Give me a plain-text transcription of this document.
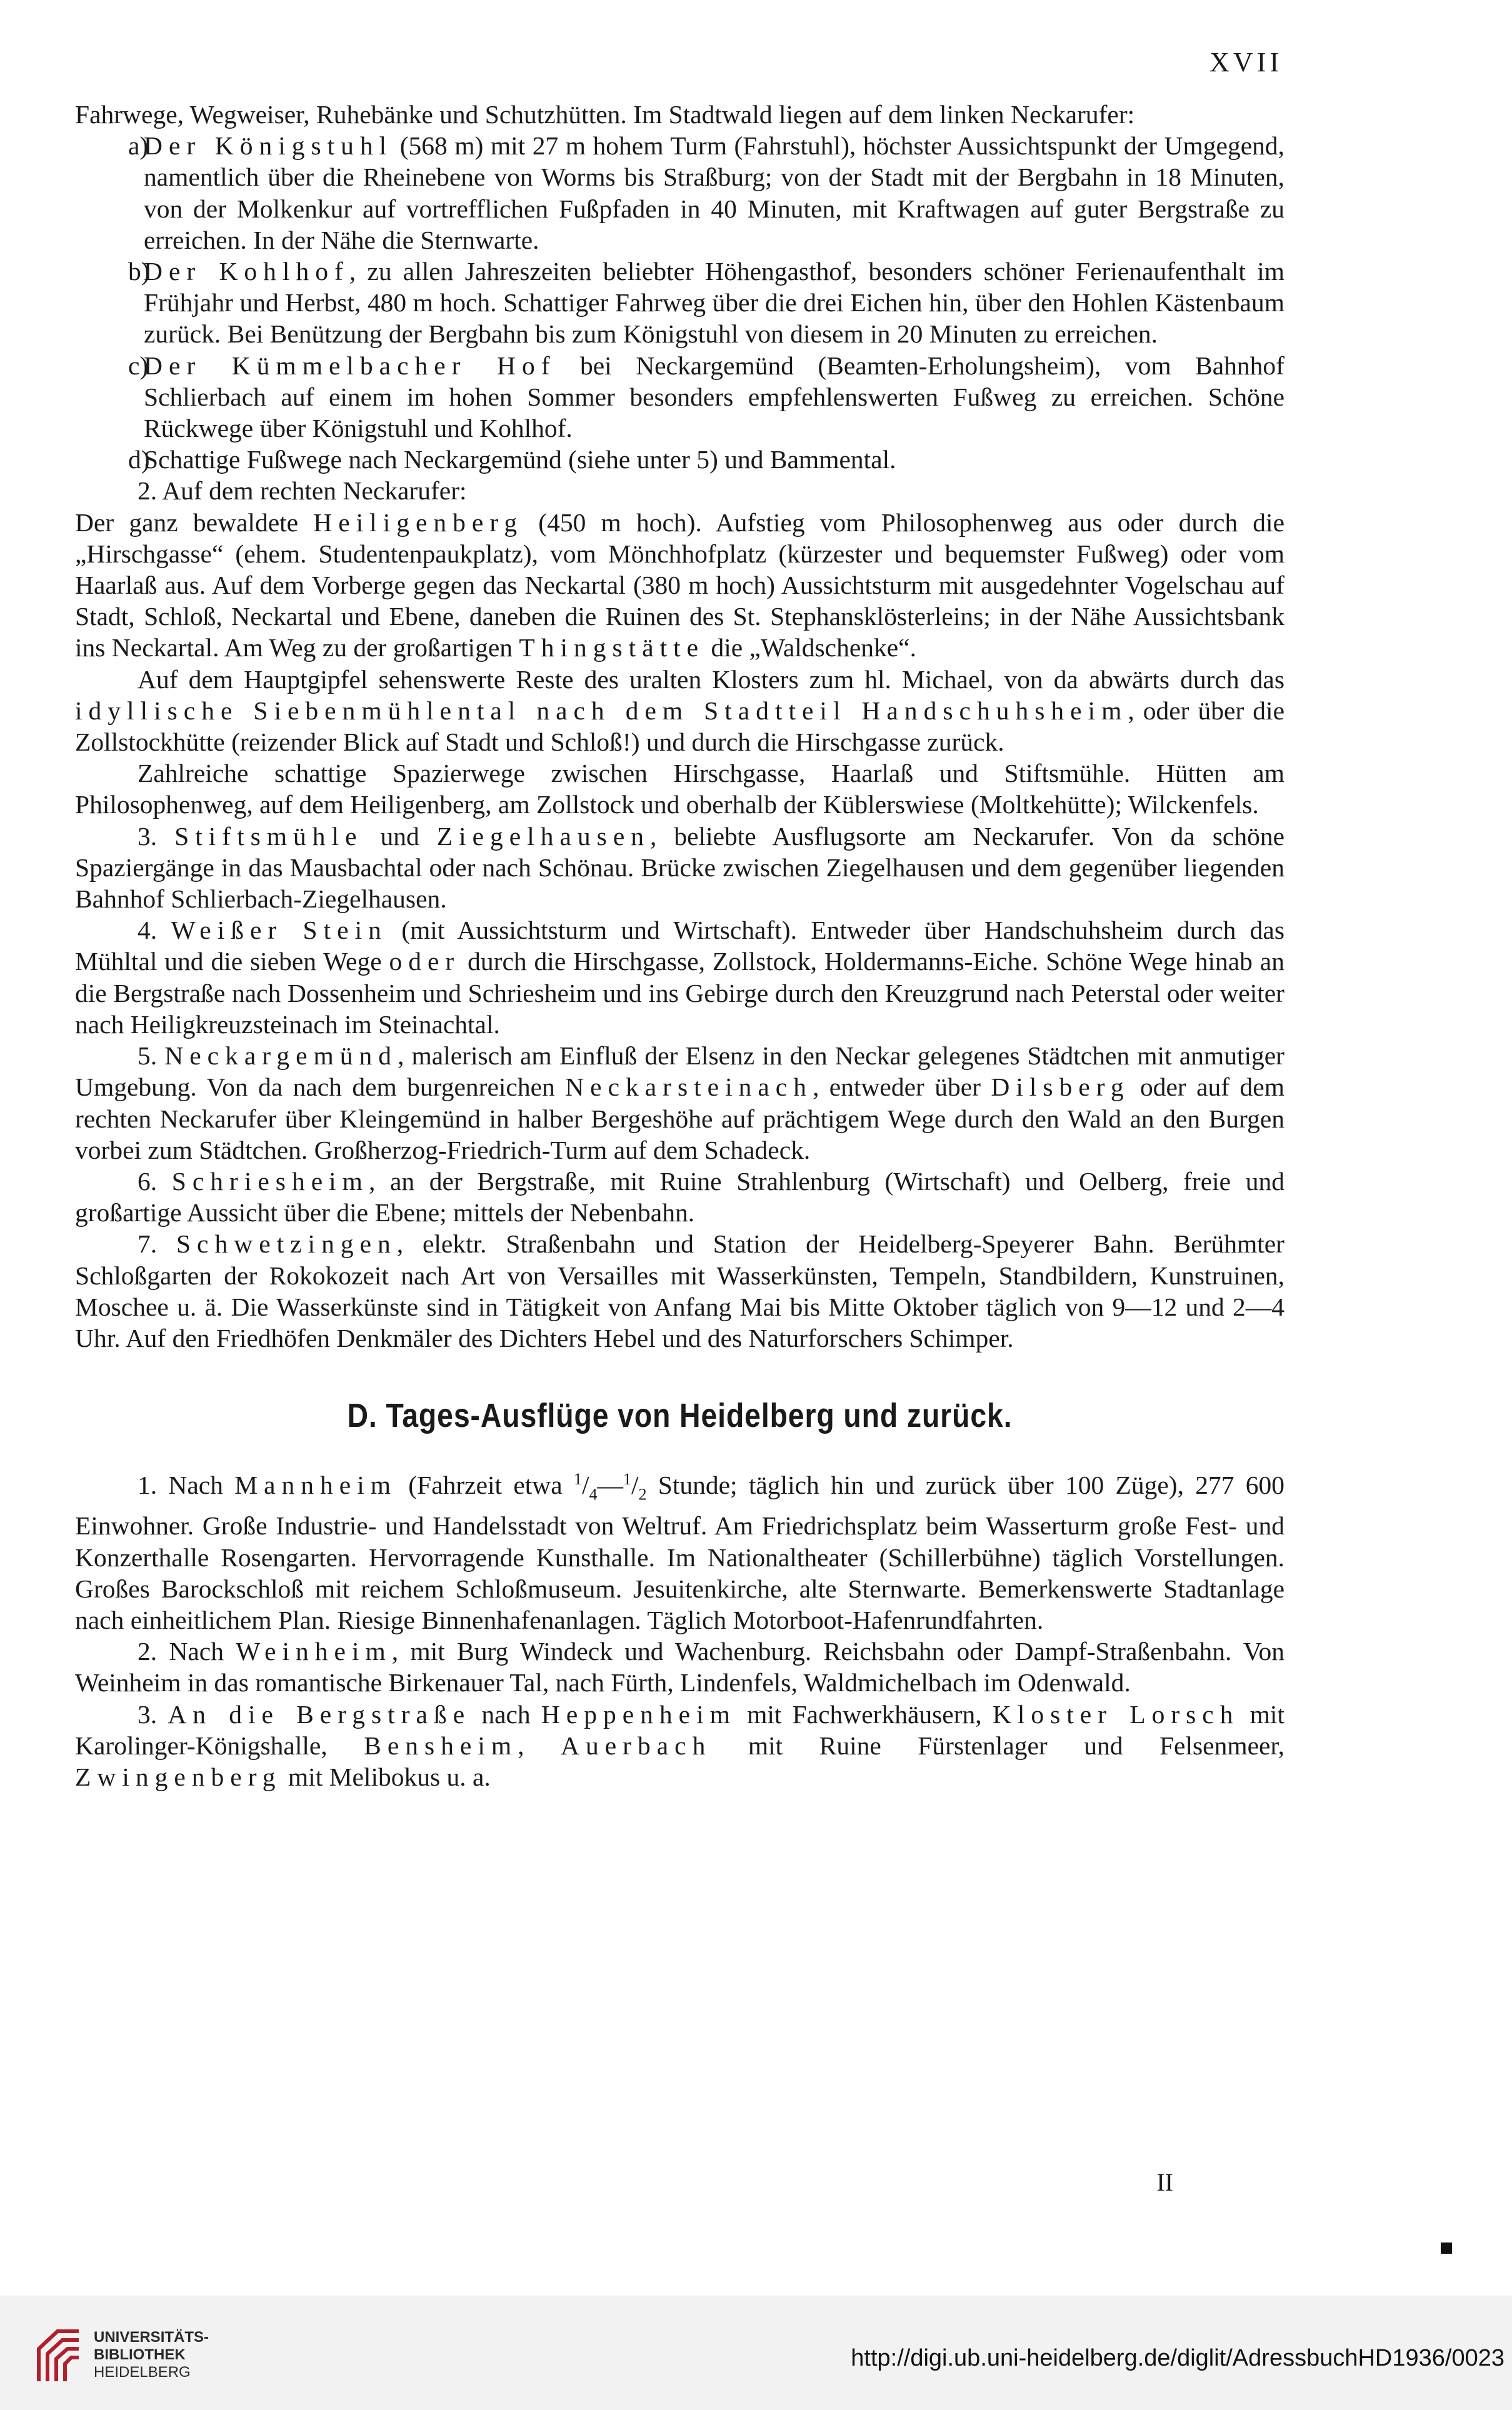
XVII

Fahrwege, Wegweiser, Ruhebänke und Schutzhütten. Im Stadtwald liegen auf dem linken Neckarufer:

a)
Der Königstuhl (568 m) mit 27 m hohem Turm (Fahrstuhl), höchster Aussichtspunkt der Umgegend, namentlich über die Rheinebene von Worms bis Straßburg; von der Stadt mit der Bergbahn in 18 Minuten, von der Molkenkur auf vortrefflichen Fußpfaden in 40 Minuten, mit Kraftwagen auf guter Bergstraße zu erreichen. In der Nähe die Sternwarte.
b)
Der Kohlhof, zu allen Jahreszeiten beliebter Höhengasthof, besonders schöner Ferienaufenthalt im Frühjahr und Herbst, 480 m hoch. Schattiger Fahrweg über die drei Eichen hin, über den Hohlen Kästenbaum zurück. Bei Benützung der Bergbahn bis zum Königstuhl von diesem in 20 Minuten zu erreichen.
c)
Der Kümmelbacher Hof bei Neckargemünd (Beamten-Erholungsheim), vom Bahnhof Schlierbach auf einem im hohen Sommer besonders empfehlenswerten Fußweg zu erreichen. Schöne Rückwege über Königstuhl und Kohlhof.
d)
Schattige Fußwege nach Neckargemünd (siehe unter 5) und Bammental.

2. Auf dem rechten Neckarufer:

Der ganz bewaldete Heiligenberg (450 m hoch). Aufstieg vom Philosophenweg aus oder durch die „Hirschgasse“ (ehem. Studentenpaukplatz), vom Mönchhofplatz (kürzester und bequemster Fußweg) oder vom Haarlaß aus. Auf dem Vorberge gegen das Neckartal (380 m hoch) Aussichtsturm mit ausgedehnter Vogelschau auf Stadt, Schloß, Neckartal und Ebene, daneben die Ruinen des St. Stephansklösterleins; in der Nähe Aussichtsbank ins Neckartal. Am Weg zu der großartigen Thingstätte die „Waldschenke“.

Auf dem Hauptgipfel sehenswerte Reste des uralten Klosters zum hl. Michael, von da abwärts durch das idyllische Siebenmühlental nach dem Stadtteil Handschuhsheim, oder über die Zollstockhütte (reizender Blick auf Stadt und Schloß!) und durch die Hirschgasse zurück.

Zahlreiche schattige Spazierwege zwischen Hirschgasse, Haarlaß und Stiftsmühle. Hütten am Philosophenweg, auf dem Heiligenberg, am Zollstock und oberhalb der Küblerswiese (Moltkehütte); Wilckenfels.

3. Stiftsmühle und Ziegelhausen, beliebte Ausflugsorte am Neckarufer. Von da schöne Spaziergänge in das Mausbachtal oder nach Schönau. Brücke zwischen Ziegelhausen und dem gegenüber liegenden Bahnhof Schlierbach-Ziegelhausen.

4. Weißer Stein (mit Aussichtsturm und Wirtschaft). Entweder über Handschuhsheim durch das Mühltal und die sieben Wege oder durch die Hirschgasse, Zollstock, Holdermanns-Eiche. Schöne Wege hinab an die Bergstraße nach Dossenheim und Schriesheim und ins Gebirge durch den Kreuzgrund nach Peterstal oder weiter nach Heiligkreuzsteinach im Steinachtal.

5. Neckargemünd, malerisch am Einfluß der Elsenz in den Neckar gelegenes Städtchen mit anmutiger Umgebung. Von da nach dem burgenreichen Neckarsteinach, entweder über Dilsberg oder auf dem rechten Neckarufer über Kleingemünd in halber Bergeshöhe auf prächtigem Wege durch den Wald an den Burgen vorbei zum Städtchen. Großherzog-Friedrich-Turm auf dem Schadeck.

6. Schriesheim, an der Bergstraße, mit Ruine Strahlenburg (Wirtschaft) und Oelberg, freie und großartige Aussicht über die Ebene; mittels der Nebenbahn.

7. Schwetzingen, elektr. Straßenbahn und Station der Heidelberg-Speyerer Bahn. Berühmter Schloßgarten der Rokokozeit nach Art von Versailles mit Wasserkünsten, Tempeln, Standbildern, Kunstruinen, Moschee u. ä. Die Wasserkünste sind in Tätigkeit von Anfang Mai bis Mitte Oktober täglich von 9—12 und 2—4 Uhr. Auf den Friedhöfen Denkmäler des Dichters Hebel und des Naturforschers Schimper.

D. Tages-Ausflüge von Heidelberg und zurück.

1. Nach Mannheim (Fahrzeit etwa $^1/_4—^1/_2$ Stunde; täglich hin und zurück über 100 Züge), 277 600 Einwohner. Große Industrie- und Handelsstadt von Weltruf. Am Friedrichsplatz beim Wasserturm große Fest- und Konzerthalle Rosengarten. Hervorragende Kunsthalle. Im Nationaltheater (Schillerbühne) täglich Vorstellungen. Großes Barockschloß mit reichem Schloßmuseum. Jesuitenkirche, alte Sternwarte. Bemerkenswerte Stadtanlage nach einheitlichem Plan. Riesige Binnenhafenanlagen. Täglich Motorboot-Hafenrundfahrten.

2. Nach Weinheim, mit Burg Windeck und Wachenburg. Reichsbahn oder Dampf-Straßenbahn. Von Weinheim in das romantische Birkenauer Tal, nach Fürth, Lindenfels, Waldmichelbach im Odenwald.

3. An die Bergstraße nach Heppenheim mit Fachwerkhäusern, Kloster Lorsch mit Karolinger-Königshalle, Bensheim, Auerbach mit Ruine Fürstenlager und Felsenmeer, Zwingenberg mit Melibokus u. a.

II
UNIVERSITÄTS-
BIBLIOTHEK
HEIDELBERG
http://digi.ub.uni-heidelberg.de/diglit/AdressbuchHD1936/0023
